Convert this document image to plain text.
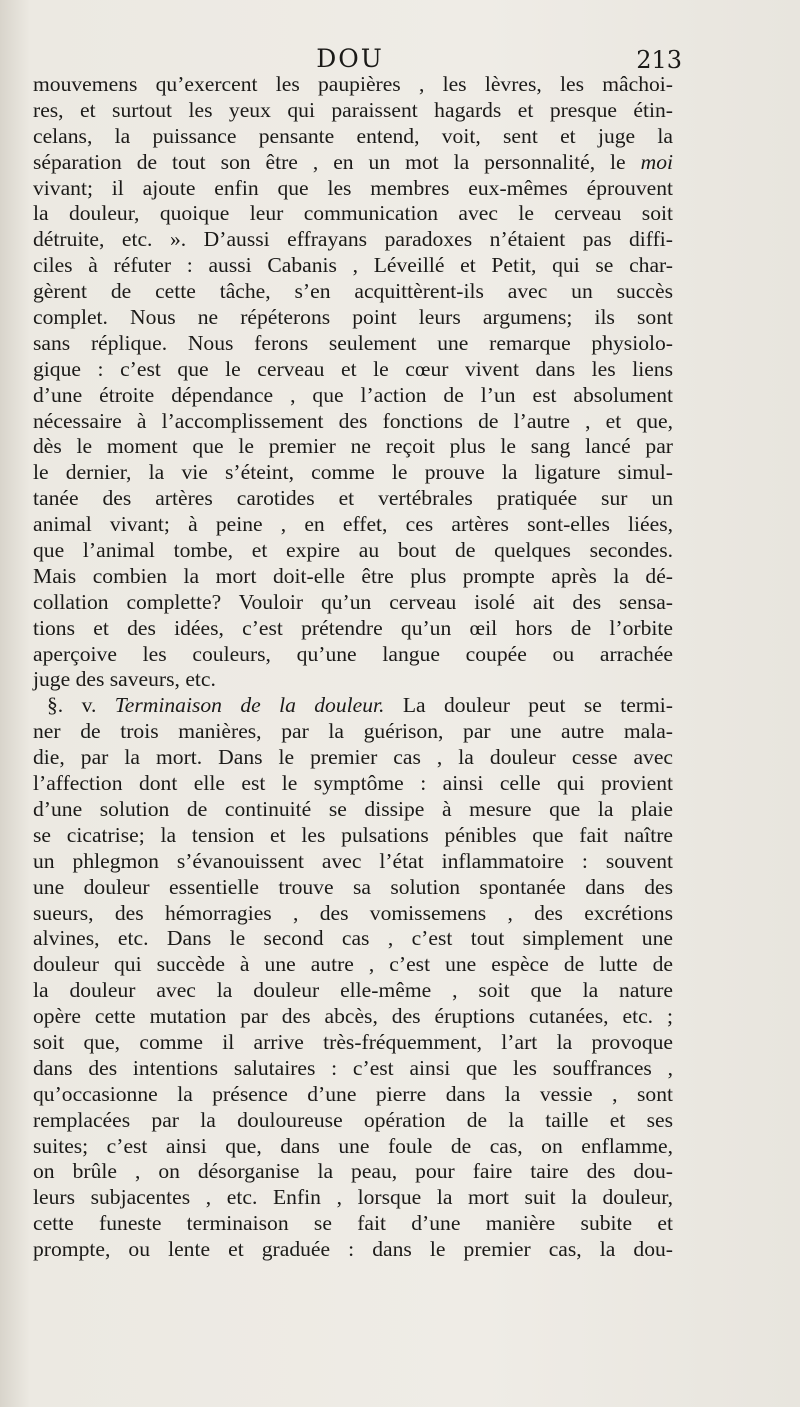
DOU	213
mouvemens qu’exercent les paupières , les lèvres, les mâchoi-
res, et surtout les yeux qui paraissent hagards et presque étin-
celans, la puissance pensante entend, voit, sent et juge la
séparation de tout son être , en un mot la personnalité, le moi
vivant; il ajoute enfin que les membres eux-mêmes éprouvent
la douleur, quoique leur communication avec le cerveau soit
détruite, etc. ». D’aussi effrayans paradoxes n’étaient pas diffi-
ciles à réfuter : aussi Cabanis , Léveillé et Petit, qui se char-
gèrent de cette tâche, s’en acquittèrent-ils avec un succès
complet. Nous ne répéterons point leurs argumens; ils sont
sans réplique. Nous ferons seulement une remarque physiolo-
gique : c’est que le cerveau et le cœur vivent dans les liens
d’une étroite dépendance , que l’action de l’un est absolument
nécessaire à l’accomplissement des fonctions de l’autre , et que,
dès le moment que le premier ne reçoit plus le sang lancé par
le dernier, la vie s’éteint, comme le prouve la ligature simul-
tanée des artères carotides et vertébrales pratiquée sur un
animal vivant; à peine , en effet, ces artères sont-elles liées,
que l’animal tombe, et expire au bout de quelques secondes.
Mais combien la mort doit-elle être plus prompte après la dé-
collation complette? Vouloir qu’un cerveau isolé ait des sensa-
tions et des idées, c’est prétendre qu’un œil hors de l’orbite
aperçoive les couleurs, qu’une langue coupée ou arrachée
juge des saveurs, etc.
§. v. Terminaison de la douleur. La douleur peut se termi-
ner de trois manières, par la guérison, par une autre mala-
die, par la mort. Dans le premier cas , la douleur cesse avec
l’affection dont elle est le symptôme : ainsi celle qui provient
d’une solution de continuité se dissipe à mesure que la plaie
se cicatrise; la tension et les pulsations pénibles que fait naître
un phlegmon s’évanouissent avec l’état inflammatoire : souvent
une douleur essentielle trouve sa solution spontanée dans des
sueurs, des hémorragies , des vomissemens , des excrétions
alvines, etc. Dans le second cas , c’est tout simplement une
douleur qui succède à une autre , c’est une espèce de lutte de
la douleur avec la douleur elle-même , soit que la nature
opère cette mutation par des abcès, des éruptions cutanées, etc. ;
soit que, comme il arrive très-fréquemment, l’art la provoque
dans des intentions salutaires : c’est ainsi que les souffrances ,
qu’occasionne la présence d’une pierre dans la vessie , sont
remplacées par la douloureuse opération de la taille et ses
suites; c’est ainsi que, dans une foule de cas, on enflamme,
on brûle , on désorganise la peau, pour faire taire des dou-
leurs subjacentes , etc. Enfin , lorsque la mort suit la douleur,
cette funeste terminaison se fait d’une manière subite et
prompte, ou lente et graduée : dans le premier cas, la dou-
